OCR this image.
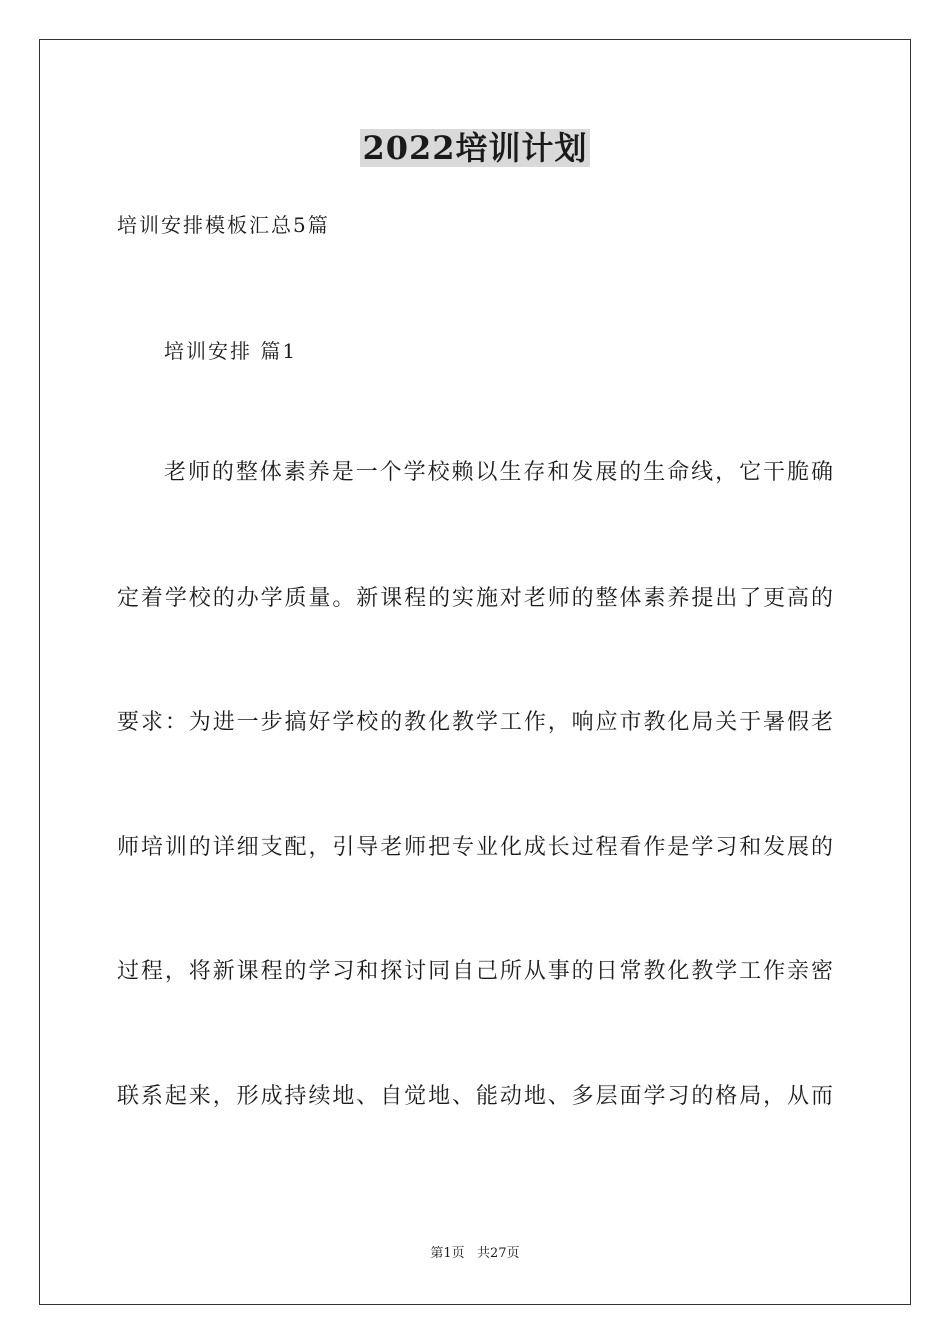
2022培训计划
培训安排模板汇总5篇
培训安排 篇1
老师的整体素养是一个学校赖以生存和发展的生命线，它干脆确
定着学校的办学质量。新课程的实施对老师的整体素养提出了更高的
要求：为进一步搞好学校的教化教学工作，响应市教化局关于暑假老
师培训的详细支配，引导老师把专业化成长过程看作是学习和发展的
过程，将新课程的学习和探讨同自己所从事的日常教化教学工作亲密
联系起来，形成持续地、自觉地、能动地、多层面学习的格局，从而
第1页   共27页
